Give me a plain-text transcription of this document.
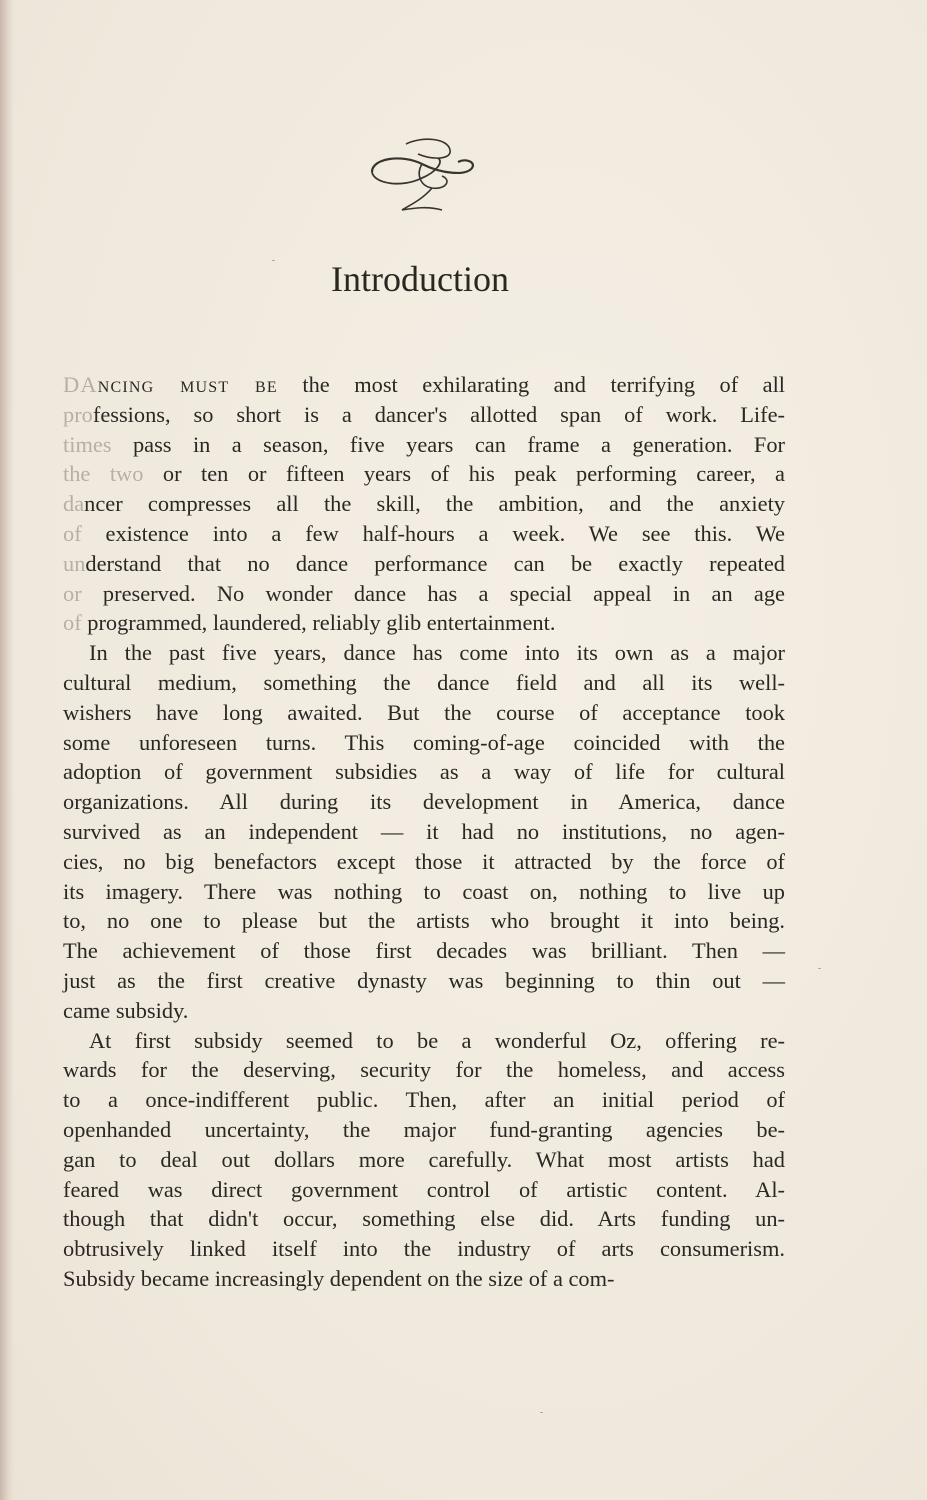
Introduction
DAncing must be the most exhilarating and terrifying of all
professions, so short is a dancer's allotted span of work. Life-
times pass in a season, five years can frame a generation. For
the two or ten or fifteen years of his peak performing career, a
dancer compresses all the skill, the ambition, and the anxiety
of existence into a few half-hours a week. We see this. We
understand that no dance performance can be exactly repeated
or preserved. No wonder dance has a special appeal in an age
of programmed, laundered, reliably glib entertainment.
In the past five years, dance has come into its own as a major
cultural medium, something the dance field and all its well-
wishers have long awaited. But the course of acceptance took
some unforeseen turns. This coming-of-age coincided with the
adoption of government subsidies as a way of life for cultural
organizations. All during its development in America, dance
survived as an independent — it had no institutions, no agen-
cies, no big benefactors except those it attracted by the force of
its imagery. There was nothing to coast on, nothing to live up
to, no one to please but the artists who brought it into being.
The achievement of those first decades was brilliant. Then —
just as the first creative dynasty was beginning to thin out —
came subsidy.
At first subsidy seemed to be a wonderful Oz, offering re-
wards for the deserving, security for the homeless, and access
to a once-indifferent public. Then, after an initial period of
openhanded uncertainty, the major fund-granting agencies be-
gan to deal out dollars more carefully. What most artists had
feared was direct government control of artistic content. Al-
though that didn't occur, something else did. Arts funding un-
obtrusively linked itself into the industry of arts consumerism.
Subsidy became increasingly dependent on the size of a com-
